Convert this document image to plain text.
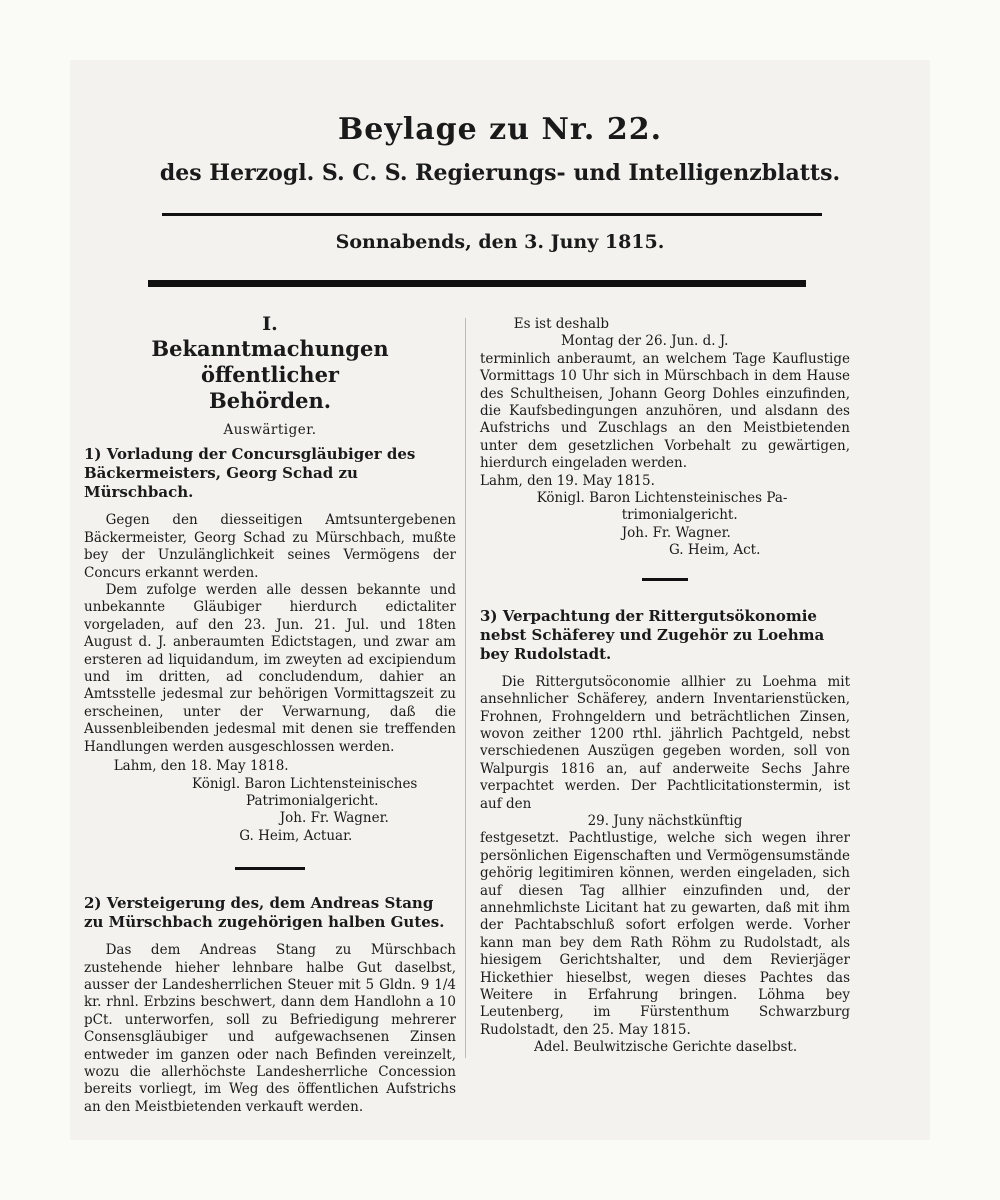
Beylage zu Nr. 22.
des Herzogl. S. C. S. Regierungs- und Intelligenzblatts.
Sonnabends, den 3. Juny 1815.

I.

Bekanntmachungen öffentlicher

Behörden.

Auswärtiger.

1) Vorladung der Concursgläubiger des Bäckermeisters, Georg Schad zu Mürschbach.

Gegen den diesseitigen Amtsuntergebenen Bäckermeister, Georg Schad zu Mürschbach, mußte bey der Unzulänglichkeit seines Vermögens der Concurs erkannt werden.

Dem zufolge werden alle dessen bekannte und unbekannte Gläubiger hierdurch edictaliter vorgeladen, auf den 23. Jun. 21. Jul. und 18ten August d. J. anberaumten Edictstagen, und zwar am ersteren ad liquidandum, im zweyten ad excipiendum und im dritten, ad concludendum, dahier an Amtsstelle jedesmal zur behörigen Vormittagszeit zu erscheinen, unter der Verwarnung, daß die Aussenbleibenden jedesmal mit denen sie treffenden Handlungen werden ausgeschlossen werden.

Lahm, den 18. May 1818.

Königl. Baron Lichtensteinisches

Patrimonialgericht.

Joh. Fr. Wagner.

G. Heim, Actuar.

2) Versteigerung des, dem Andreas Stang zu Mürschbach zugehörigen halben Gutes.

Das dem Andreas Stang zu Mürschbach zustehende hieher lehnbare halbe Gut daselbst, ausser der Landesherrlichen Steuer mit 5 Gldn. 9 1/4 kr. rhnl. Erbzins beschwert, dann dem Handlohn a 10 pCt. unterworfen, soll zu Befriedigung mehrerer Consensgläubiger und aufgewachsenen Zinsen entweder im ganzen oder nach Befinden vereinzelt, wozu die allerhöchste Landesherrliche Concession bereits vorliegt, im Weg des öffentlichen Aufstrichs an den Meistbietenden verkauft werden.

Es ist deshalb

Montag der 26. Jun. d. J.

terminlich anberaumt, an welchem Tage Kauflustige Vormittags 10 Uhr sich in Mürschbach in dem Hause des Schultheisen, Johann Georg Dohles einzufinden, die Kaufsbedingungen anzuhören, und alsdann des Aufstrichs und Zuschlags an den Meistbietenden unter dem gesetzlichen Vorbehalt zu gewärtigen, hierdurch eingeladen werden.

Lahm, den 19. May 1815.

Königl. Baron Lichtensteinisches Pa-

trimonialgericht.

Joh. Fr. Wagner.

G. Heim, Act.

3) Verpachtung der Rittergutsökonomie nebst Schäferey und Zugehör zu Loehma bey Rudolstadt.

Die Rittergutsöconomie allhier zu Loehma mit ansehnlicher Schäferey, andern Inventarienstücken, Frohnen, Frohngeldern und beträchtlichen Zinsen, wovon zeither 1200 rthl. jährlich Pachtgeld, nebst verschiedenen Auszügen gegeben worden, soll von Walpurgis 1816 an, auf anderweite Sechs Jahre verpachtet werden. Der Pachtlicitationstermin, ist auf den

29. Juny nächstkünftig

festgesetzt. Pachtlustige, welche sich wegen ihrer persönlichen Eigenschaften und Vermögensumstände gehörig legitimiren können, werden eingeladen, sich auf diesen Tag allhier einzufinden und, der annehmlichste Licitant hat zu gewarten, daß mit ihm der Pachtabschluß sofort erfolgen werde. Vorher kann man bey dem Rath Röhm zu Rudolstadt, als hiesigem Gerichtshalter, und dem Revierjäger Hickethier hieselbst, wegen dieses Pachtes das Weitere in Erfahrung bringen. Löhma bey Leutenberg, im Fürstenthum Schwarzburg Rudolstadt, den 25. May 1815.

Adel. Beulwitzische Gerichte daselbst.
